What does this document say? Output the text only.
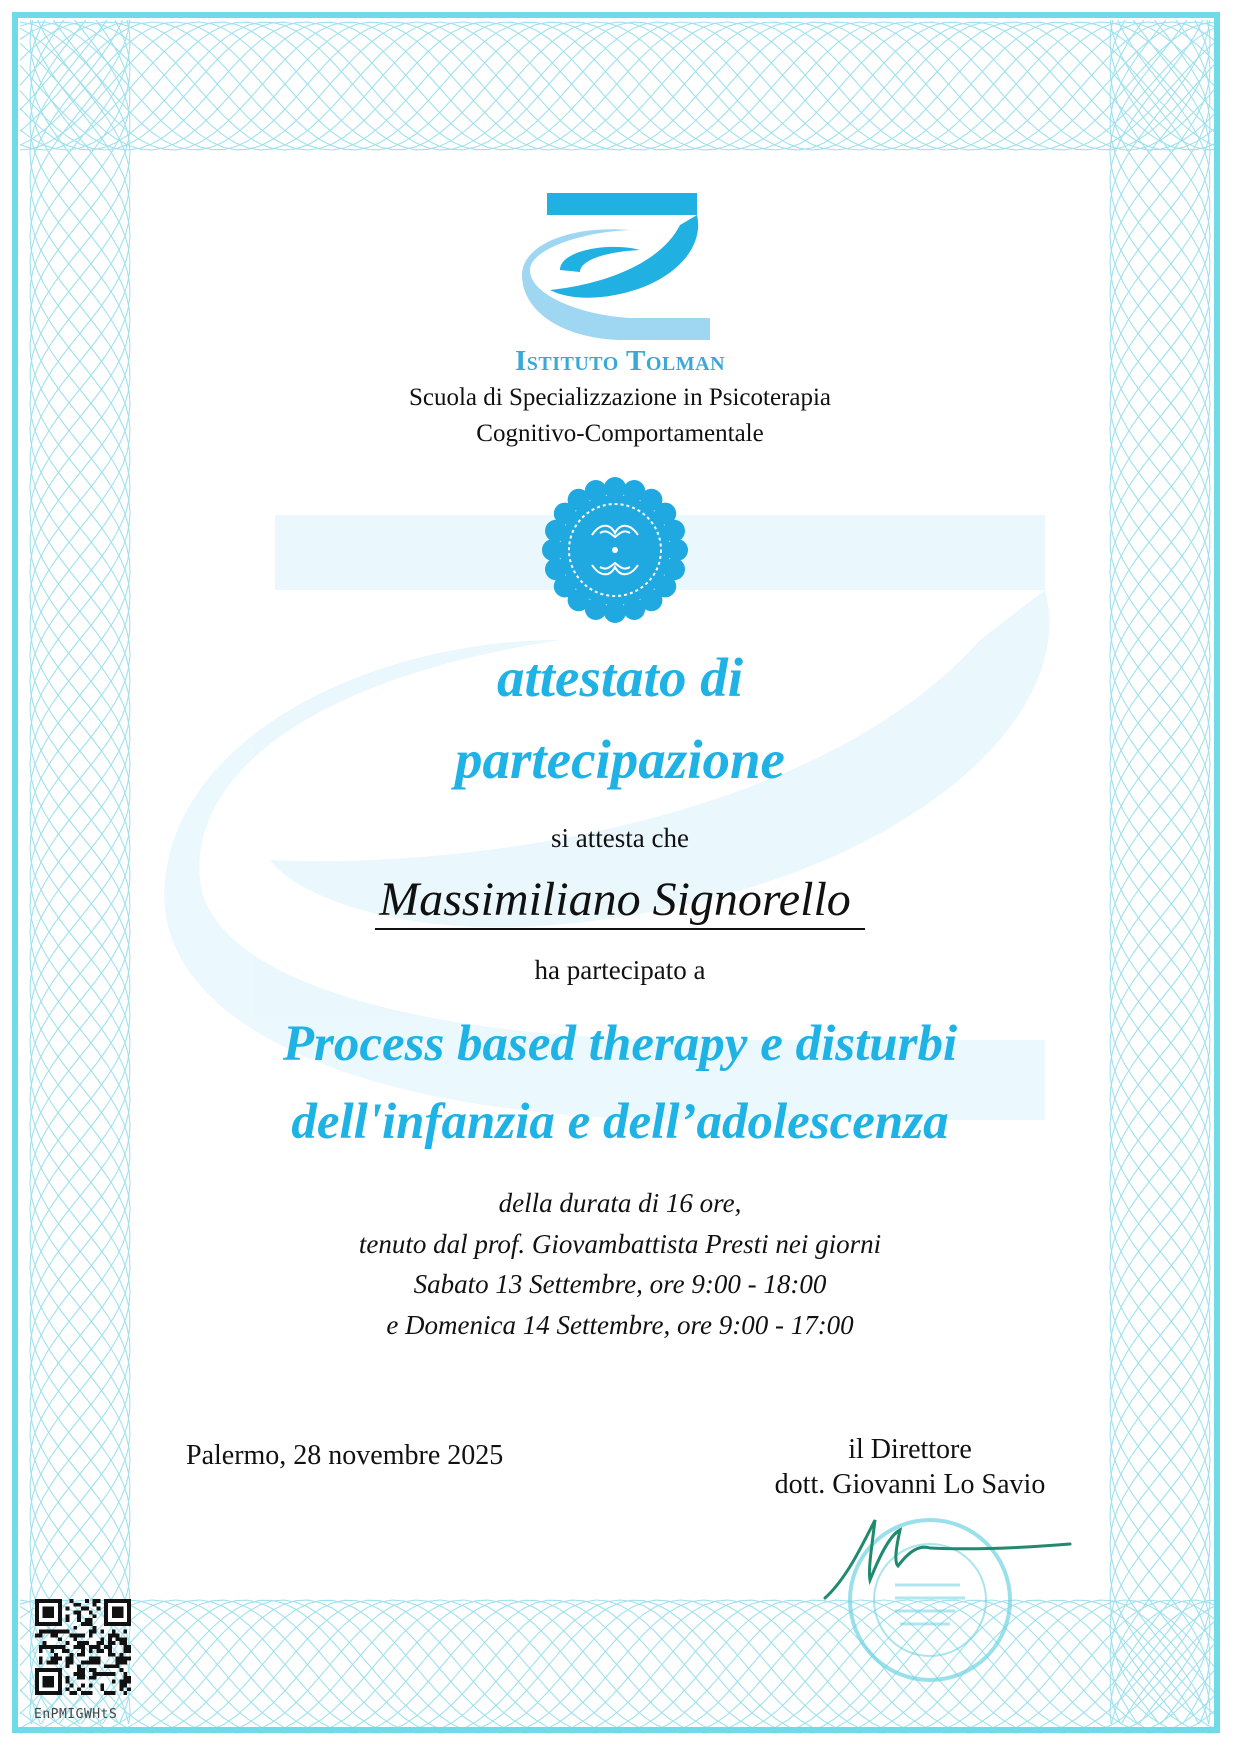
Istituto Tolman
Scuola di Specializzazione in Psicoterapia
Cognitivo-Comportamentale
attestato di
partecipazione
si attesta che
Massimiliano Signorello
ha partecipato a
Process based therapy e disturbi
dell'infanzia e dell’adolescenza
della durata di 16 ore,
tenuto dal prof. Giovambattista Presti nei giorni
Sabato 13 Settembre, ore 9:00 - 18:00
e Domenica 14 Settembre, ore 9:00 - 17:00
Palermo, 28 novembre 2025	il Direttore
dott. Giovanni Lo Savio
EnPMIGWHtS
